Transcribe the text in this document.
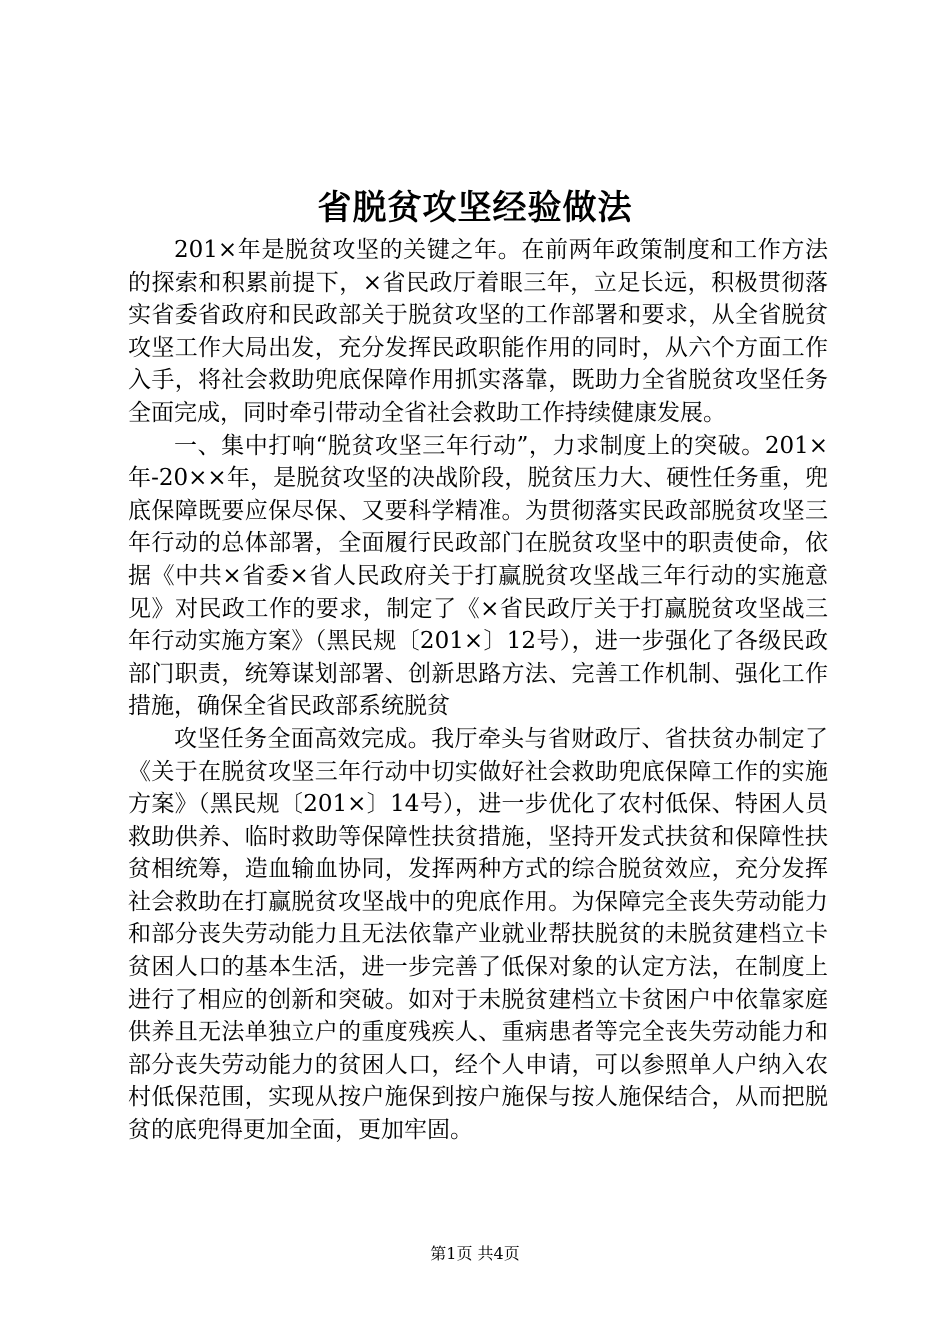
省脱贫攻坚经验做法

201×年是脱贫攻坚的关键之年。在前两年政策制度和工作方法的探索和积累前提下，×省民政厅着眼三年，立足长远，积极贯彻落实省委省政府和民政部关于脱贫攻坚的工作部署和要求，从全省脱贫攻坚工作大局出发，充分发挥民政职能作用的同时，从六个方面工作入手，将社会救助兜底保障作用抓实落靠，既助力全省脱贫攻坚任务全面完成，同时牵引带动全省社会救助工作持续健康发展。

一、集中打响“脱贫攻坚三年行动”，力求制度上的突破。201×年-20××年，是脱贫攻坚的决战阶段，脱贫压力大、硬性任务重，兜底保障既要应保尽保、又要科学精准。为贯彻落实民政部脱贫攻坚三年行动的总体部署，全面履行民政部门在脱贫攻坚中的职责使命，依据《中共×省委×省人民政府关于打赢脱贫攻坚战三年行动的实施意见》对民政工作的要求，制定了《×省民政厅关于打赢脱贫攻坚战三年行动实施方案》（黑民规〔201×〕12号），进一步强化了各级民政部门职责，统筹谋划部署、创新思路方法、完善工作机制、强化工作措施，确保全省民政部系统脱贫

攻坚任务全面高效完成。我厅牵头与省财政厅、省扶贫办制定了《关于在脱贫攻坚三年行动中切实做好社会救助兜底保障工作的实施方案》（黑民规〔201×〕14号），进一步优化了农村低保、特困人员救助供养、临时救助等保障性扶贫措施，坚持开发式扶贫和保障性扶贫相统筹，造血输血协同，发挥两种方式的综合脱贫效应，充分发挥社会救助在打赢脱贫攻坚战中的兜底作用。为保障完全丧失劳动能力和部分丧失劳动能力且无法依靠产业就业帮扶脱贫的未脱贫建档立卡贫困人口的基本生活，进一步完善了低保对象的认定方法，在制度上进行了相应的创新和突破。如对于未脱贫建档立卡贫困户中依靠家庭供养且无法单独立户的重度残疾人、重病患者等完全丧失劳动能力和部分丧失劳动能力的贫困人口，经个人申请，可以参照单人户纳入农村低保范围，实现从按户施保到按户施保与按人施保结合，从而把脱贫的底兜得更加全面，更加牢固。

第1页 共4页
